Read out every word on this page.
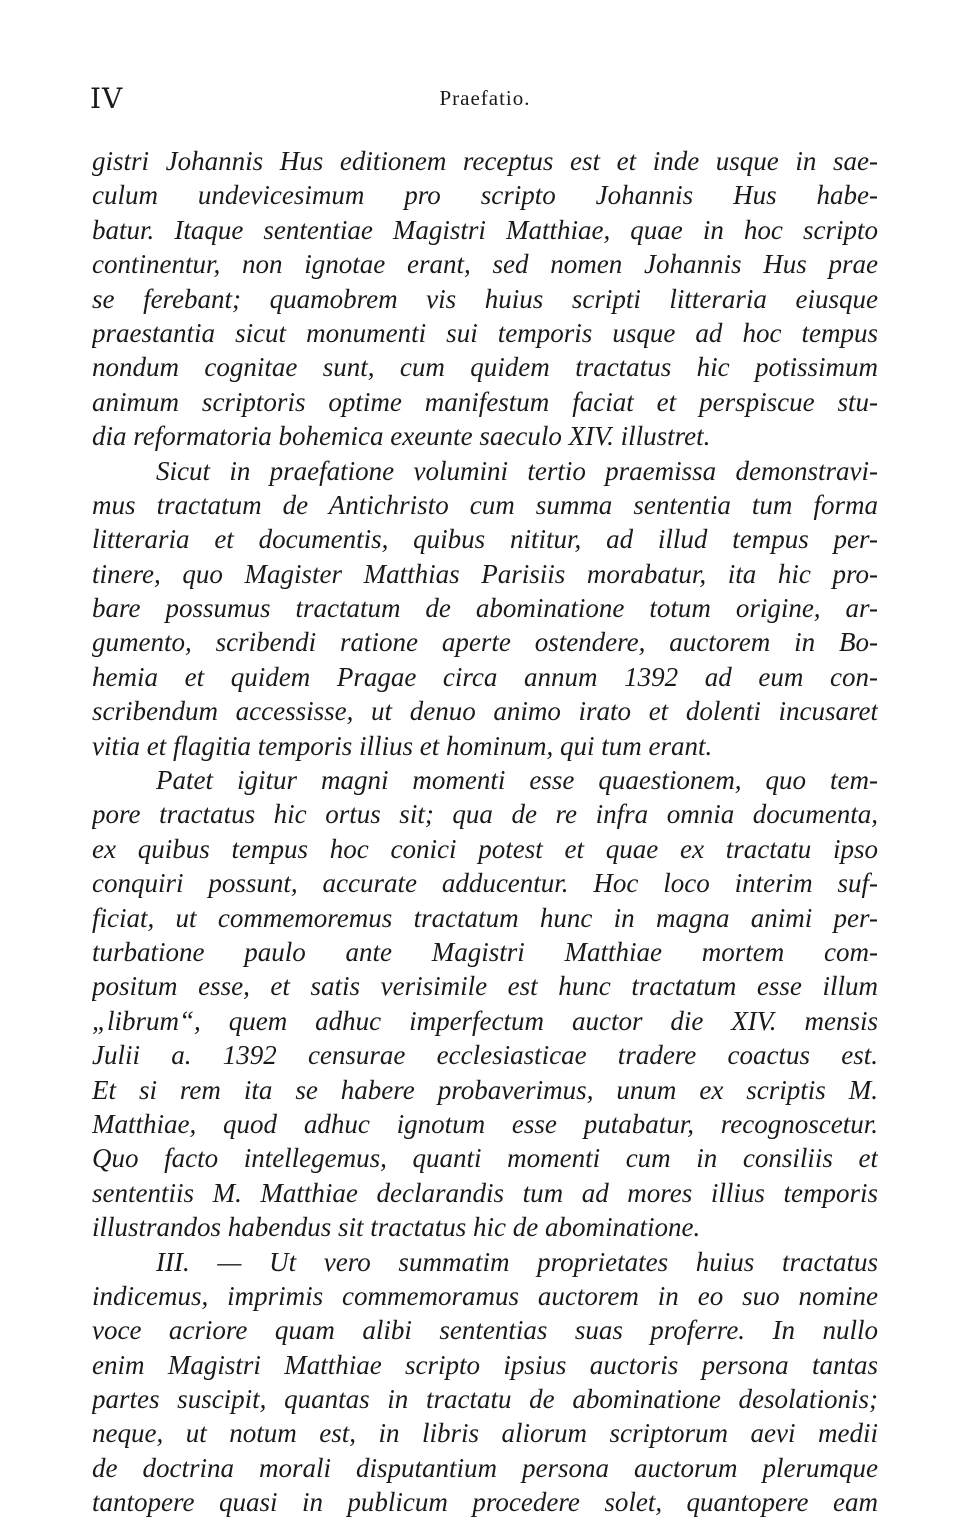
IV	Praefatio.
gistri Johannis Hus editionem receptus est et inde usque in sae-
culum undevicesimum pro scripto Johannis Hus habe-
batur. Itaque sententiae Magistri Matthiae, quae in hoc scripto
continentur, non ignotae erant, sed nomen Johannis Hus prae
se ferebant; quamobrem vis huius scripti litteraria eiusque
praestantia sicut monumenti sui temporis usque ad hoc tempus
nondum cognitae sunt, cum quidem tractatus hic potissimum
animum scriptoris optime manifestum faciat et perspiscue stu-
dia reformatoria bohemica exeunte saeculo XIV. illustret.
Sicut in praefatione volumini tertio praemissa demonstravi-
mus tractatum de Antichristo cum summa sententia tum forma
litteraria et documentis, quibus nititur, ad illud tempus per-
tinere, quo Magister Matthias Parisiis morabatur, ita hic pro-
bare possumus tractatum de abominatione totum origine, ar-
gumento, scribendi ratione aperte ostendere, auctorem in Bo-
hemia et quidem Pragae circa annum 1392 ad eum con-
scribendum accessisse, ut denuo animo irato et dolenti incusaret
vitia et flagitia temporis illius et hominum, qui tum erant.
Patet igitur magni momenti esse quaestionem, quo tem-
pore tractatus hic ortus sit; qua de re infra omnia documenta,
ex quibus tempus hoc conici potest et quae ex tractatu ipso
conquiri possunt, accurate adducentur. Hoc loco interim suf-
ficiat, ut commemoremus tractatum hunc in magna animi per-
turbatione paulo ante Magistri Matthiae mortem com-
positum esse, et satis verisimile est hunc tractatum esse illum
„librum“, quem adhuc imperfectum auctor die XIV. mensis
Julii a. 1392 censurae ecclesiasticae tradere coactus est.
Et si rem ita se habere probaverimus, unum ex scriptis M.
Matthiae, quod adhuc ignotum esse putabatur, recognoscetur.
Quo facto intellegemus, quanti momenti cum in consiliis et
sententiis M. Matthiae declarandis tum ad mores illius temporis
illustrandos habendus sit tractatus hic de abominatione.
III. — Ut vero summatim proprietates huius tractatus
indicemus, imprimis commemoramus auctorem in eo suo nomine
voce acriore quam alibi sententias suas proferre. In nullo
enim Magistri Matthiae scripto ipsius auctoris persona tantas
partes suscipit, quantas in tractatu de abominatione desolationis;
neque, ut notum est, in libris aliorum scriptorum aevi medii
de doctrina morali disputantium persona auctorum plerumque
tantopere quasi in publicum procedere solet, quantopere eam
